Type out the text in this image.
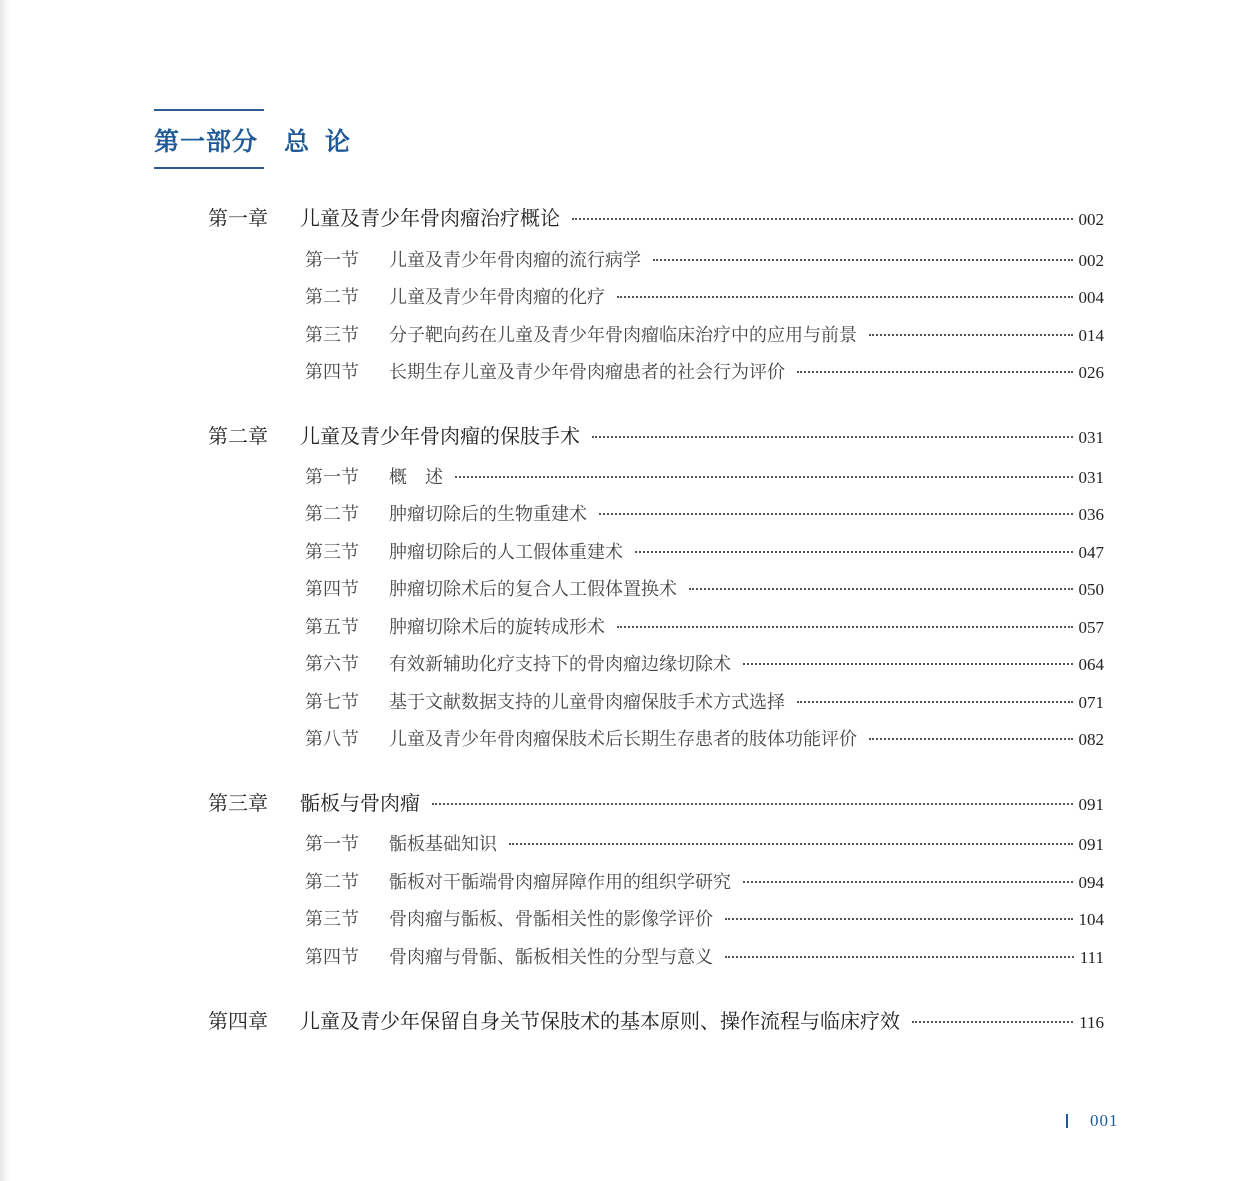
第一部分 总论
第一章	儿童及青少年骨肉瘤治疗概论	002
第一节	儿童及青少年骨肉瘤的流行病学	002
第二节	儿童及青少年骨肉瘤的化疗	004
第三节	分子靶向药在儿童及青少年骨肉瘤临床治疗中的应用与前景	014
第四节	长期生存儿童及青少年骨肉瘤患者的社会行为评价	026
第二章	儿童及青少年骨肉瘤的保肢手术	031
第一节	概　述	031
第二节	肿瘤切除后的生物重建术	036
第三节	肿瘤切除后的人工假体重建术	047
第四节	肿瘤切除术后的复合人工假体置换术	050
第五节	肿瘤切除术后的旋转成形术	057
第六节	有效新辅助化疗支持下的骨肉瘤边缘切除术	064
第七节	基于文献数据支持的儿童骨肉瘤保肢手术方式选择	071
第八节	儿童及青少年骨肉瘤保肢术后长期生存患者的肢体功能评价	082
第三章	骺板与骨肉瘤	091
第一节	骺板基础知识	091
第二节	骺板对干骺端骨肉瘤屏障作用的组织学研究	094
第三节	骨肉瘤与骺板、骨骺相关性的影像学评价	104
第四节	骨肉瘤与骨骺、骺板相关性的分型与意义	111
第四章	儿童及青少年保留自身关节保肢术的基本原则、操作流程与临床疗效	116
001
